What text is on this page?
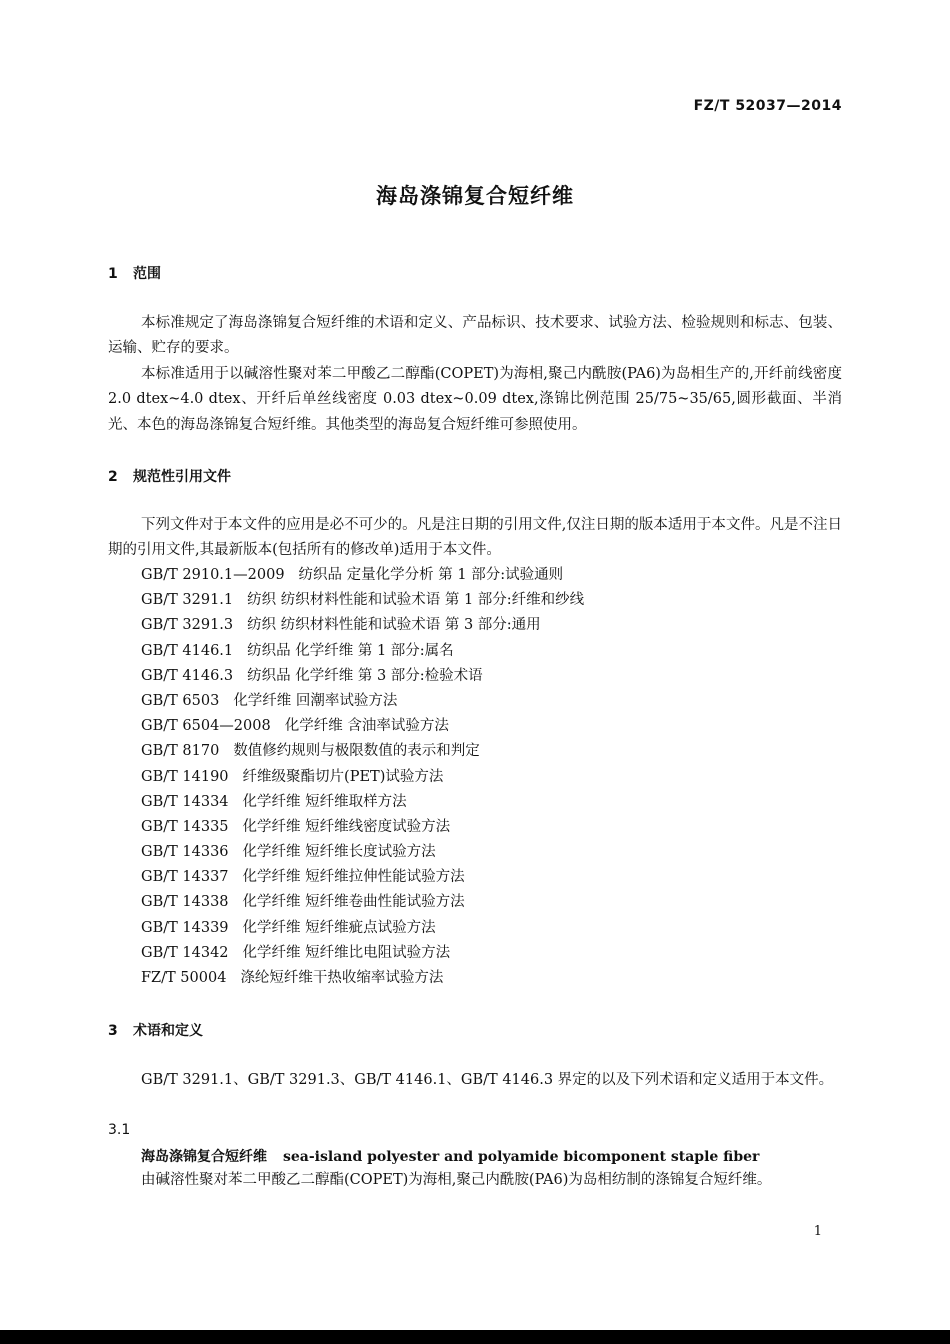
FZ/T 52037—2014
海岛涤锦复合短纤维
1 范围
本标准规定了海岛涤锦复合短纤维的术语和定义、产品标识、技术要求、试验方法、检验规则和标志、包装、运输、贮存的要求。
本标准适用于以碱溶性聚对苯二甲酸乙二醇酯(COPET)为海相,聚己内酰胺(PA6)为岛相生产的,开纤前线密度 2.0 dtex~4.0 dtex、开纤后单丝线密度 0.03 dtex~0.09 dtex,涤锦比例范围 25/75~35/65,圆形截面、半消光、本色的海岛涤锦复合短纤维。其他类型的海岛复合短纤维可参照使用。
2 规范性引用文件
下列文件对于本文件的应用是必不可少的。凡是注日期的引用文件,仅注日期的版本适用于本文件。凡是不注日期的引用文件,其最新版本(包括所有的修改单)适用于本文件。
GB/T 2910.1—2009 纺织品 定量化学分析 第 1 部分:试验通则
GB/T 3291.1 纺织 纺织材料性能和试验术语 第 1 部分:纤维和纱线
GB/T 3291.3 纺织 纺织材料性能和试验术语 第 3 部分:通用
GB/T 4146.1 纺织品 化学纤维 第 1 部分:属名
GB/T 4146.3 纺织品 化学纤维 第 3 部分:检验术语
GB/T 6503 化学纤维 回潮率试验方法
GB/T 6504—2008 化学纤维 含油率试验方法
GB/T 8170 数值修约规则与极限数值的表示和判定
GB/T 14190 纤维级聚酯切片(PET)试验方法
GB/T 14334 化学纤维 短纤维取样方法
GB/T 14335 化学纤维 短纤维线密度试验方法
GB/T 14336 化学纤维 短纤维长度试验方法
GB/T 14337 化学纤维 短纤维拉伸性能试验方法
GB/T 14338 化学纤维 短纤维卷曲性能试验方法
GB/T 14339 化学纤维 短纤维疵点试验方法
GB/T 14342 化学纤维 短纤维比电阻试验方法
FZ/T 50004 涤纶短纤维干热收缩率试验方法
3 术语和定义
GB/T 3291.1、GB/T 3291.3、GB/T 4146.1、GB/T 4146.3 界定的以及下列术语和定义适用于本文件。
3.1
海岛涤锦复合短纤维 sea-island polyester and polyamide bicomponent staple fiber
由碱溶性聚对苯二甲酸乙二醇酯(COPET)为海相,聚己内酰胺(PA6)为岛相纺制的涤锦复合短纤维。
1
